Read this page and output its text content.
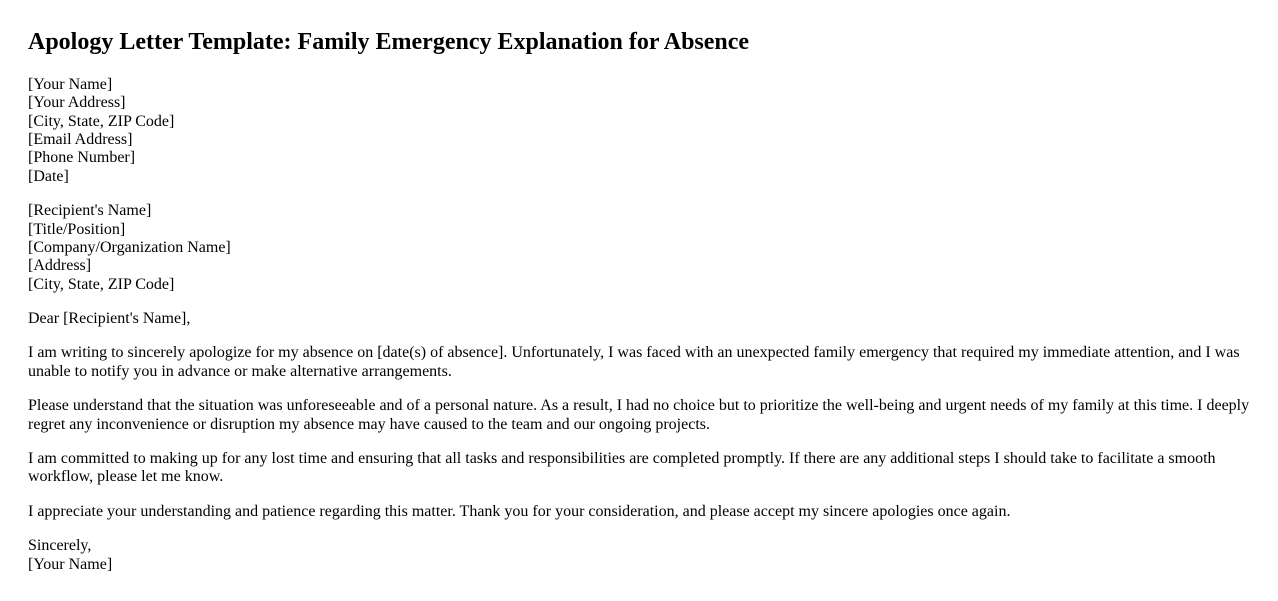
Apology Letter Template: Family Emergency Explanation for Absence

[Your Name]
[Your Address]
[City, State, ZIP Code]
[Email Address]
[Phone Number]
[Date]

[Recipient's Name]
[Title/Position]
[Company/Organization Name]
[Address]
[City, State, ZIP Code]

Dear [Recipient's Name],

I am writing to sincerely apologize for my absence on [date(s) of absence]. Unfortunately, I was faced with an unexpected family emergency that required my immediate attention, and I was unable to notify you in advance or make alternative arrangements.

Please understand that the situation was unforeseeable and of a personal nature. As a result, I had no choice but to prioritize the well-being and urgent needs of my family at this time. I deeply regret any inconvenience or disruption my absence may have caused to the team and our ongoing projects.

I am committed to making up for any lost time and ensuring that all tasks and responsibilities are completed promptly. If there are any additional steps I should take to facilitate a smooth workflow, please let me know.

I appreciate your understanding and patience regarding this matter. Thank you for your consideration, and please accept my sincere apologies once again.

Sincerely,
[Your Name]
